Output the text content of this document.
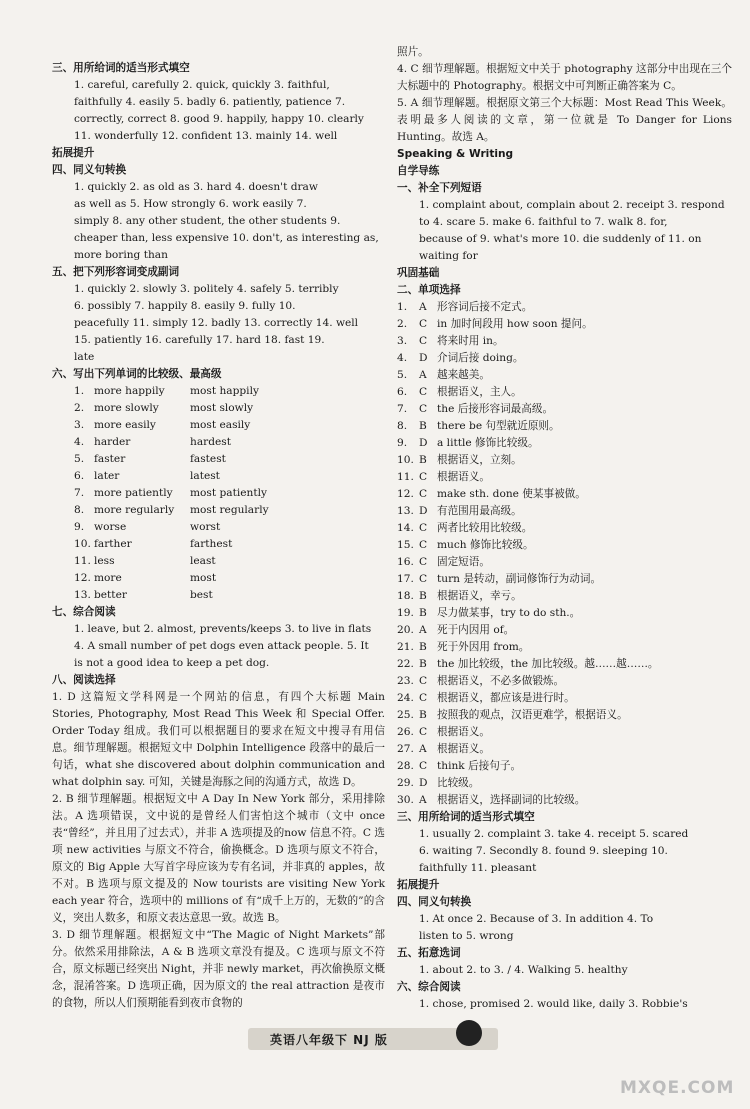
三、用所给词的适当形式填空
1. careful, carefully 2. quick, quickly 3. faithful,
faithfully 4. easily 5. badly 6. patiently, patience 7.
correctly, correct 8. good 9. happily, happy 10. clearly
11. wonderfully 12. confident 13. mainly 14. well
拓展提升
四、同义句转换
1. quickly 2. as old as 3. hard 4. doesn't draw
as well as 5. How strongly 6. work easily 7.
simply 8. any other student, the other students 9.
cheaper than, less expensive 10. don't, as interesting as,
more boring than
五、把下列形容词变成副词
1. quickly 2. slowly 3. politely 4. safely 5. terribly
6. possibly 7. happily 8. easily 9. fully 10.
peacefully 11. simply 12. badly 13. correctly 14. well
15. patiently 16. carefully 17. hard 18. fast 19.
late
六、写出下列单词的比较级、最高级
1. more happily most happily
2. more slowly	most slowly
3. more easily	most easily
4. harder	hardest
5. faster	fastest
6. later	latest
7. more patiently most patiently
8. more regularly most regularly
9. worse	worst
10. farther	farthest
11. less	least
12. more	most
13. better	best
七、综合阅读
1. leave, but 2. almost, prevents/keeps 3. to live in flats
4. A small number of pet dogs even attack people. 5. It
is not a good idea to keep a pet dog.
八、阅读选择
1. D 这篇短文学科网是一个网站的信息，有四个大标题 Main Stories, Photography, Most Read This Week 和 Special Offer. Order Today 组成。我们可以根据题目的要求在短文中搜寻有用信息。细节理解题。根据短文中 Dolphin Intelligence 段落中的最后一句话，what she discovered about dolphin communication and what dolphin say. 可知，关键是海豚之间的沟通方式，故选 D。
2. B 细节理解题。根据短文中 A Day In New York 部分，采用排除法。A 选项错误，文中说的是曾经人们害怕这个城市（文中 once 表“曾经”，并且用了过去式），并非 A 选项提及的now 信息不符。C 选项 new activities 与原文不符合，偷换概念。D 选项与原文不符合，原文的 Big Apple 大写首字母应该为专有名词，并非真的 apples，故不对。B 选项与原文提及的 Now tourists are visiting New York each year 符合，选项中的 millions of 有“成千上万的，无数的”的含义，突出人数多，和原文表达意思一致。故选 B。
3. D 细节理解题。根据短文中“The Magic of Night Markets”部分。依然采用排除法，A & B 选项文章没有提及。C 选项与原文不符合，原文标题已经突出 Night，并非 newly market，再次偷换原文概念，混淆答案。D 选项正确，因为原文的 the real attraction 是夜市的食物，所以人们预期能看到夜市食物的
照片。
4. C 细节理解题。根据短文中关于 photography 这部分中出现在三个大标题中的 Photography。根据文中可判断正确答案为 C。
5. A 细节理解题。根据原文第三个大标题：Most Read This Week。表明最多人阅读的文章，第一位就是 To Danger for Lions Hunting。故选 A。
Speaking & Writing
自学导练
一、补全下列短语
1. complaint about, complain about 2. receipt 3. respond
to 4. scare 5. make 6. faithful to 7. walk 8. for,
because of 9. what's more 10. die suddenly of 11. on
waiting for
巩固基础
二、单项选择
1. A 形容词后接不定式。
2. C in 加时间段用 how soon 提问。
3. C 将来时用 in。
4. D 介词后接 doing。
5. A 越来越美。
6. C 根据语义，主人。
7. C the 后接形容词最高级。
8. B there be 句型就近原则。
9. D a little 修饰比较级。
10. B 根据语义，立刻。
11. C 根据语义。
12. C make sth. done 使某事被做。
13. D 有范围用最高级。
14. C 两者比较用比较级。
15. C much 修饰比较级。
16. C 固定短语。
17. C turn 是转动，副词修饰行为动词。
18. B 根据语义，幸亏。
19. B 尽力做某事，try to do sth.。
20. A 死于内因用 of。
21. B 死于外因用 from。
22. B the 加比较级，the 加比较级。越……越……。
23. C 根据语义，不必多做锻炼。
24. C 根据语义，都应该是进行时。
25. B 按照我的观点，汉语更难学，根据语义。
26. C 根据语义。
27. A 根据语义。
28. C think 后接句子。
29. D 比较级。
30. A 根据语义，选择副词的比较级。
三、用所给词的适当形式填空
1. usually 2. complaint 3. take 4. receipt 5. scared
6. waiting 7. Secondly 8. found 9. sleeping 10.
faithfully 11. pleasant
拓展提升
四、同义句转换
1. At once 2. Because of 3. In addition 4. To
listen to 5. wrong
五、拓意选词
1. about 2. to 3. / 4. Walking 5. healthy
六、综合阅读
1. chose, promised 2. would like, daily 3. Robbie's
英语八年级下 NJ 版
MXQE.COM
